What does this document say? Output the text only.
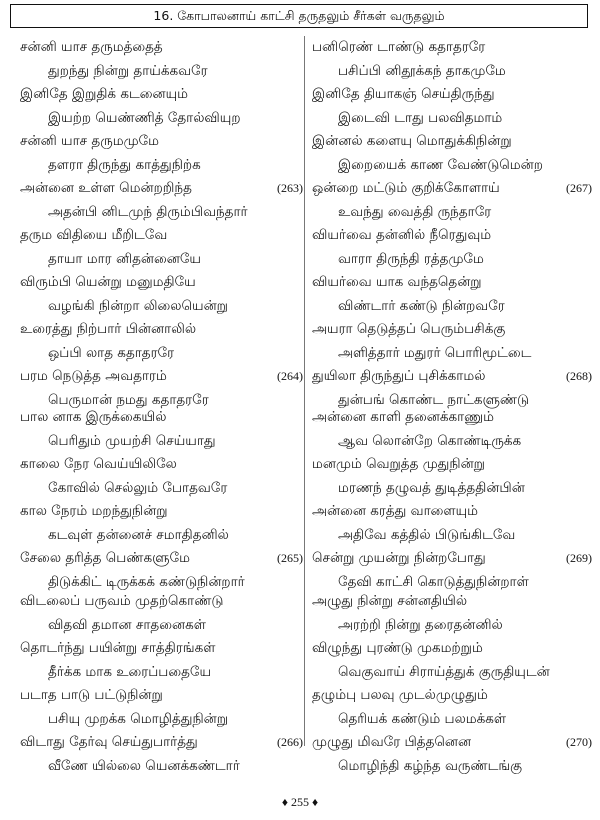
16. கோபாலனாய் காட்சி தருதலும் சீர்கள் வருதலும்
சன்னி யாச தருமத்தைத்
துறந்து நின்று தாய்க்கவரே
இனிதே இறுதிக் கடனையும்
இயற்ற யெண்ணித் தோல்வியுற
சன்னி யாச தருமமுமே
தளரா திருந்து காத்துநிற்க
அன்னை உள்ள மென்றறிந்த	(263)
அதன்பி னிடமுந் திரும்பிவந்தார்
தரும விதியை மீறிடவே
தாயா மார னிதன்னையே
விரும்பி யென்று மனுமதியே
வழங்கி நின்றா லிலையென்று
உரைத்து நிற்பார் பின்னாலில்
ஒப்பி லாத கதாதரரே
பரம நெடுத்த அவதாரம்	(264)
பெருமான் நமது கதாதரரே
பால னாக இருக்கையில்
பெரிதும் முயற்சி செய்யாது
காலை நேர வெய்யிலிலே
கோவில் செல்லும் போதவரே
கால நேரம் மறந்துநின்று
கடவுள் தன்னைச் சமாதிதனில்
சேலை தரித்த பெண்களுமே	(265)
திடுக்கிட் டிருக்கக் கண்டுநின்றார்
விடலைப் பருவம் முதற்கொண்டு
விதவி தமான சாதனைகள்
தொடர்ந்து பயின்று சாத்திரங்கள்
தீர்க்க மாக உரைப்பதையே
படாத பாடு பட்டுநின்று
பசியு முறக்க மொழித்துநின்று
விடாது தேர்வு செய்துபார்த்து	(266)
வீணே யில்லை யெனக்கண்டார்
பனிரெண் டாண்டு கதாதரரே
பசிப்பி னிதூக்கந் தாகமுமே
இனிதே தியாகஞ் செய்திருந்து
இடைவி டாது பலவிதமாம்
இன்னல் களையு மொதுக்கிநின்று
இறையைக் காண வேண்டுமென்ற
ஒன்றை மட்டும் குறிக்கோளாய்	(267)
உவந்து வைத்தி ருந்தாரே
வியர்வை தன்னில் நீரெதுவும்
வாரா திருந்தி ரத்தமுமே
வியர்வை யாக வந்ததென்று
விண்டார் கண்டு நின்றவரே
அயரா தெடுத்தப் பெரும்பசிக்கு
அளித்தார் மதுரர் பொரிமூட்டை
துயிலா திருந்துப் புசிக்காமல்	(268)
துன்பங் கொண்ட நாட்களுண்டு
அன்னை காளி தனைக்காணும்
ஆவ லொன்றே கொண்டிருக்க
மனமும் வெறுத்த முதுநின்று
மரணந் தழுவத் துடித்ததின்பின்
அன்னை கரத்து வாளையும்
அதிவே கத்தில் பிடுங்கிடவே
சென்று முயன்று நின்றபோது	(269)
தேவி காட்சி கொடுத்துநின்றாள்
அழுது நின்று சன்னதியில்
அரற்றி நின்று தரைதன்னில்
விழுந்து புரண்டு முகமற்றும்
வெகுவாய் சிராய்த்துக் குருதியுடன்
தழும்பு பலவு முடல்முழுதும்
தெரியக் கண்டும் பலமக்கள்
முழுது மிவரே பித்தனென	(270)
மொழிந்தி கழ்ந்த வருண்டங்கு
♦ 255 ♦
